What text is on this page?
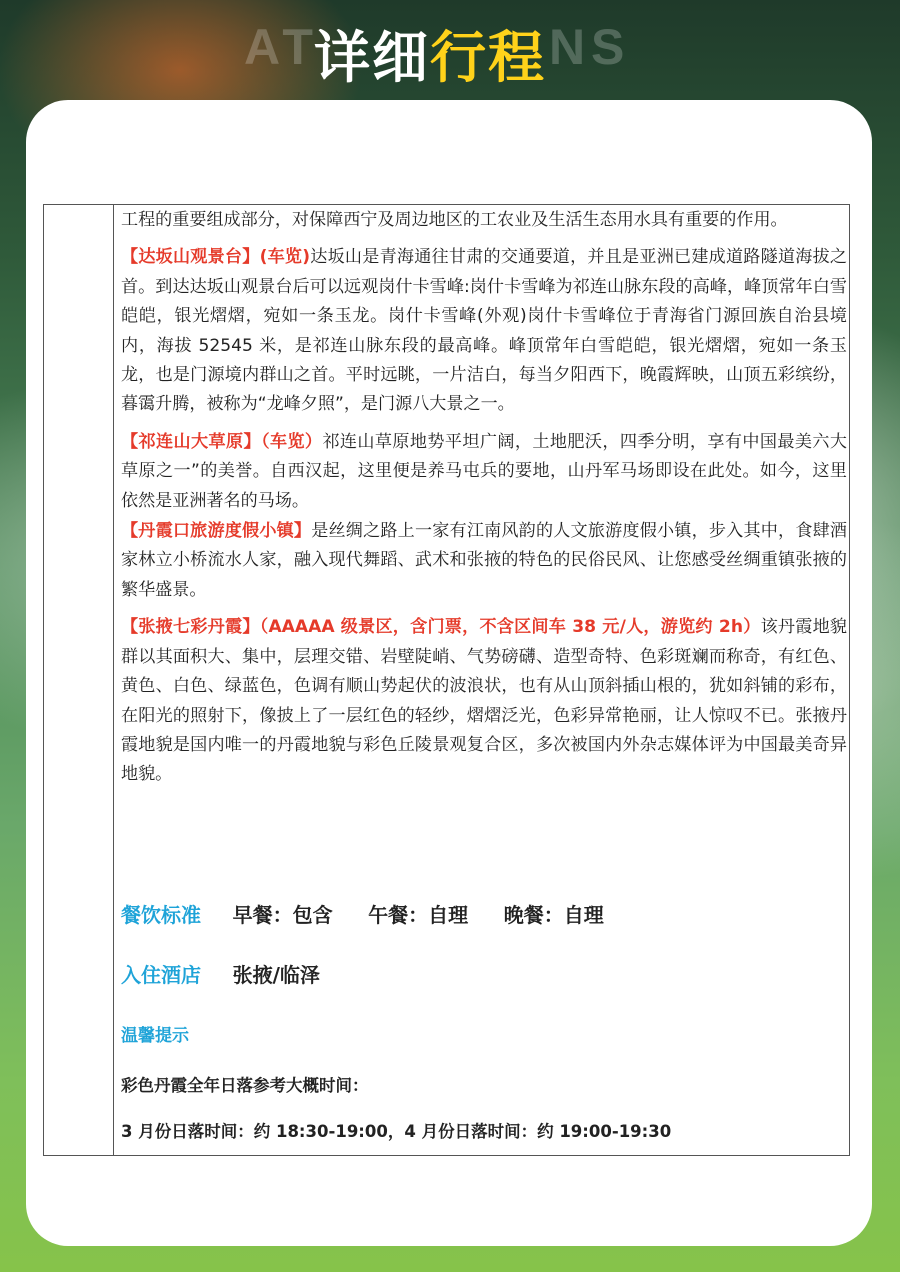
AT	NS
详细行程

工程的重要组成部分，对保障西宁及周边地区的工农业及生活生态用水具有重要的作用。

【达坂山观景台】(车览)达坂山是青海通往甘肃的交通要道，并且是亚洲已建成道路隧道海拔之首。到达达坂山观景台后可以远观岗什卡雪峰:岗什卡雪峰为祁连山脉东段的高峰，峰顶常年白雪皑皑，银光熠熠，宛如一条玉龙。岗什卡雪峰(外观)岗什卡雪峰位于青海省门源回族自治县境内，海拔 52545 米，是祁连山脉东段的最高峰。峰顶常年白雪皑皑，银光熠熠，宛如一条玉龙，也是门源境内群山之首。平时远眺，一片洁白，每当夕阳西下，晚霞辉映，山顶五彩缤纷，暮霭升腾，被称为“龙峰夕照”，是门源八大景之一。

【祁连山大草原】（车览）祁连山草原地势平坦广阔，土地肥沃，四季分明，享有中国最美六大草原之一”的美誉。自西汉起，这里便是养马屯兵的要地，山丹军马场即设在此处。如今，这里依然是亚洲著名的马场。

【丹霞口旅游度假小镇】是丝绸之路上一家有江南风韵的人文旅游度假小镇，步入其中，食肆酒家林立小桥流水人家，融入现代舞蹈、武术和张掖的特色的民俗民风、让您感受丝绸重镇张掖的繁华盛景。

【张掖七彩丹霞】（AAAAA 级景区，含门票，不含区间车 38 元/人，游览约 2h）该丹霞地貌群以其面积大、集中，层理交错、岩壁陡峭、气势磅礴、造型奇特、色彩斑斓而称奇，有红色、黄色、白色、绿蓝色，色调有顺山势起伏的波浪状，也有从山顶斜插山根的，犹如斜铺的彩布，在阳光的照射下，像披上了一层红色的轻纱，熠熠泛光，色彩异常艳丽，让人惊叹不已。张掖丹霞地貌是国内唯一的丹霞地貌与彩色丘陵景观复合区，多次被国内外杂志媒体评为中国最美奇异地貌。

餐饮标准 早餐：包含 午餐：自理 晚餐：自理
入住酒店 张掖/临泽
温馨提示
彩色丹霞全年日落参考大概时间：
3 月份日落时间：约 18:30-19:00，4 月份日落时间：约 19:00-19:30
